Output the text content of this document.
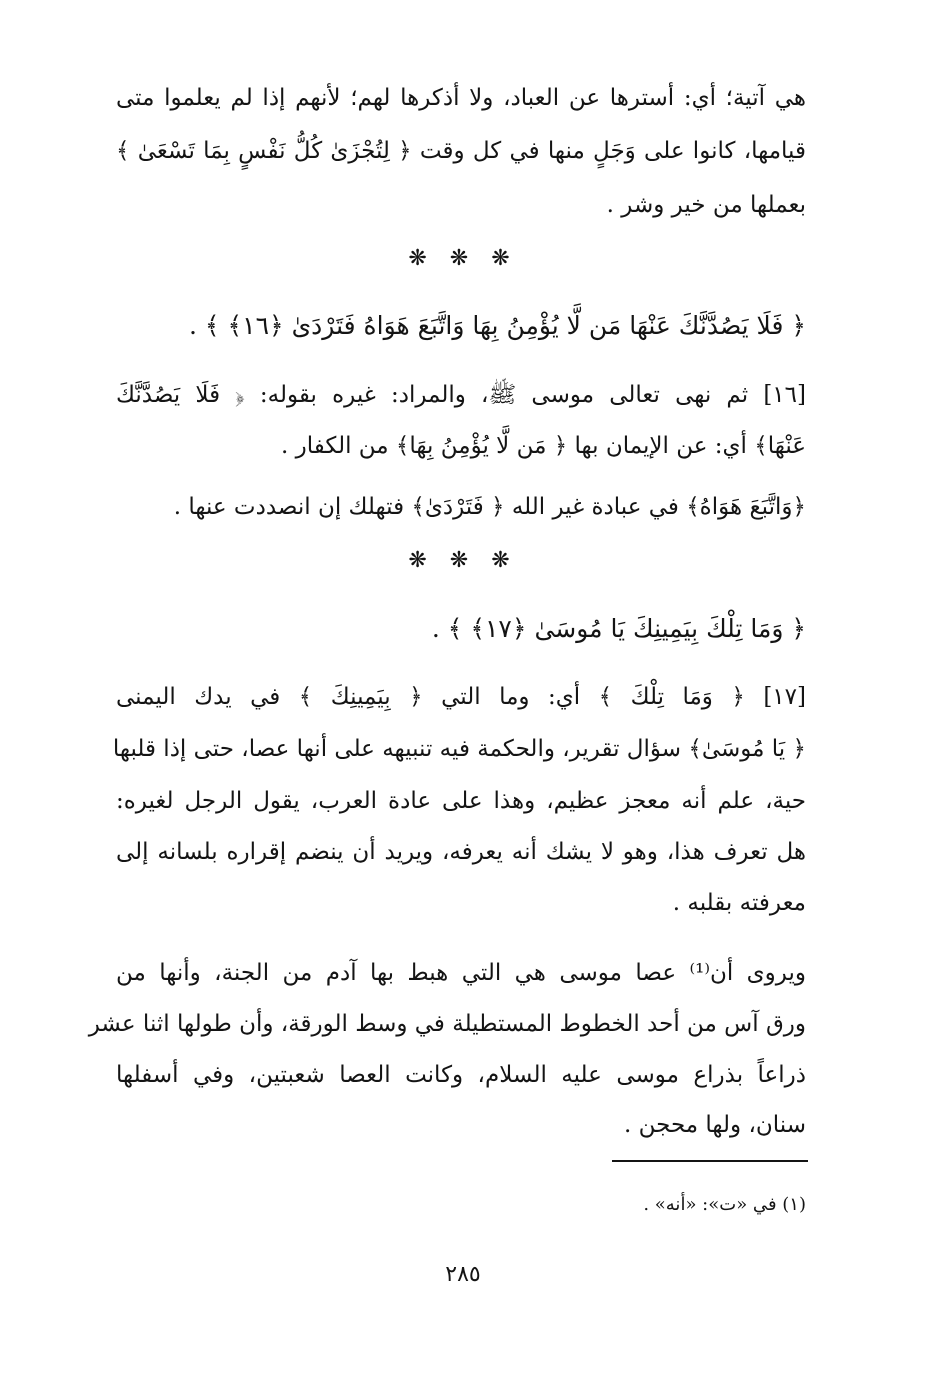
هي آتية؛ أي: أسترها عن العباد، ولا أذكرها لهم؛ لأنهم إذا لم يعلموا متى
قيامها، كانوا على وَجَلٍ منها في كل وقت ﴿ لِتُجْزَىٰ كُلُّ نَفْسٍ بِمَا تَسْعَىٰ ﴾
بعملها من خير وشر .
❋ ❋ ❋
﴿ فَلَا يَصُدَّنَّكَ عَنْهَا مَن لَّا يُؤْمِنُ بِهَا وَاتَّبَعَ هَوَاهُ فَتَرْدَىٰ ﴿١٦﴾ ﴾ .
[١٦] ثم نهى تعالى موسى ﷺ، والمراد: غيره بقوله: ﴿ فَلَا يَصُدَّنَّكَ
عَنْهَا﴾ أي: عن الإيمان بها ﴿ مَن لَّا يُؤْمِنُ بِهَا﴾ من الكفار .
﴿وَاتَّبَعَ هَوَاهُ﴾ في عبادة غير الله ﴿ فَتَرْدَىٰ﴾ فتهلك إن انصددت عنها .
❋ ❋ ❋
﴿ وَمَا تِلْكَ بِيَمِينِكَ يَا مُوسَىٰ ﴿١٧﴾ ﴾ .
[١٧] ﴿ وَمَا تِلْكَ ﴾ أي: وما التي ﴿ بِيَمِينِكَ ﴾ في يدك اليمنى
﴿ يَا مُوسَىٰ﴾ سؤال تقرير، والحكمة فيه تنبيهه على أنها عصا، حتى إذا قلبها
حية، علم أنه معجز عظيم، وهذا على عادة العرب، يقول الرجل لغيره:
هل تعرف هذا، وهو لا يشك أنه يعرفه، ويريد أن ينضم إقراره بلسانه إلى
معرفته بقلبه .
ويروى أن⁽¹⁾ عصا موسى هي التي هبط بها آدم من الجنة، وأنها من
ورق آس من أحد الخطوط المستطيلة في وسط الورقة، وأن طولها اثنا عشر
ذراعاً بذراع موسى عليه السلام، وكانت العصا شعبتين، وفي أسفلها
سنان، ولها محجن .
(١) في «ت»: «أنه» .
٢٨٥
